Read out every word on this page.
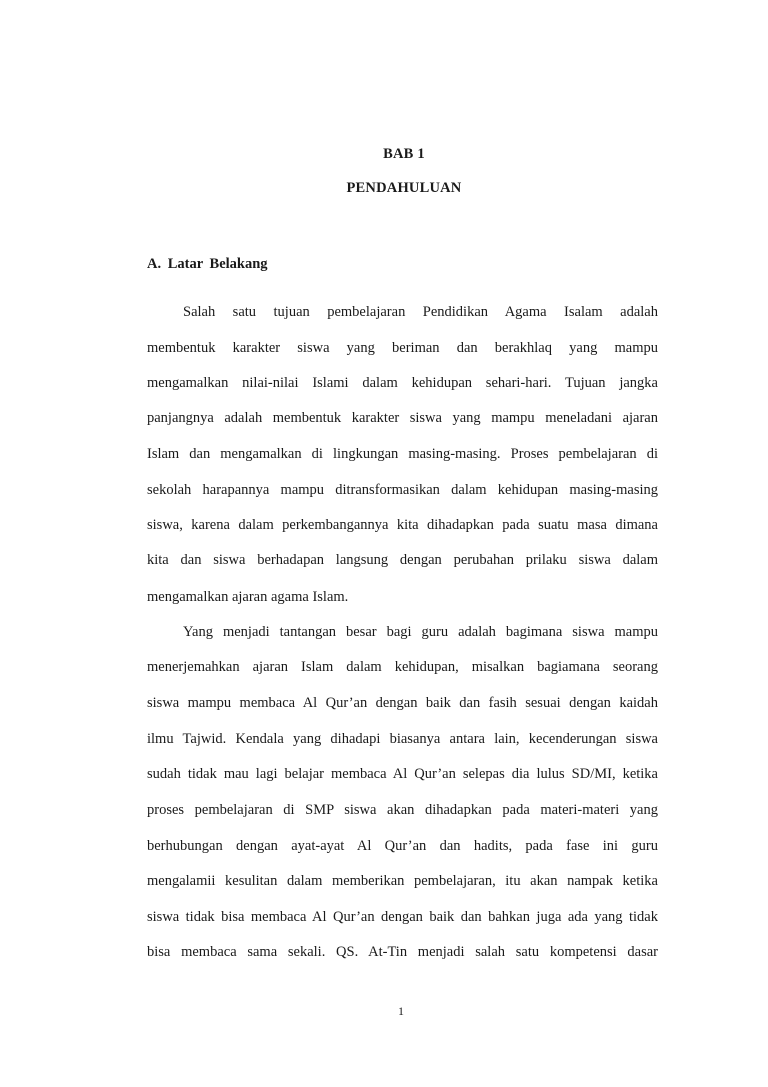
BAB 1
PENDAHULUAN
A. Latar Belakang
Salah satu tujuan pembelajaran Pendidikan Agama Isalam adalah
membentuk karakter siswa yang beriman dan berakhlaq yang mampu
mengamalkan nilai-nilai Islami dalam kehidupan sehari-hari. Tujuan jangka
panjangnya adalah membentuk karakter siswa yang mampu meneladani ajaran
Islam dan mengamalkan di lingkungan masing-masing. Proses pembelajaran di
sekolah harapannya mampu ditransformasikan dalam kehidupan masing-masing
siswa, karena dalam perkembangannya kita dihadapkan pada suatu masa dimana
kita dan siswa berhadapan langsung dengan perubahan prilaku siswa dalam
mengamalkan ajaran agama Islam.
Yang menjadi tantangan besar bagi guru adalah bagimana siswa mampu
menerjemahkan ajaran Islam dalam kehidupan, misalkan bagiamana seorang
siswa mampu membaca Al Qur’an dengan baik dan fasih sesuai dengan kaidah
ilmu Tajwid. Kendala yang dihadapi biasanya antara lain, kecenderungan siswa
sudah tidak mau lagi belajar membaca Al Qur’an selepas dia lulus SD/MI, ketika
proses pembelajaran di SMP siswa akan dihadapkan pada materi-materi yang
berhubungan dengan ayat-ayat Al Qur’an dan hadits, pada fase ini guru
mengalamii kesulitan dalam memberikan pembelajaran, itu akan nampak ketika
siswa tidak bisa membaca Al Qur’an dengan baik dan bahkan juga ada yang tidak
bisa membaca sama sekali. QS. At-Tin menjadi salah satu kompetensi dasar
1
